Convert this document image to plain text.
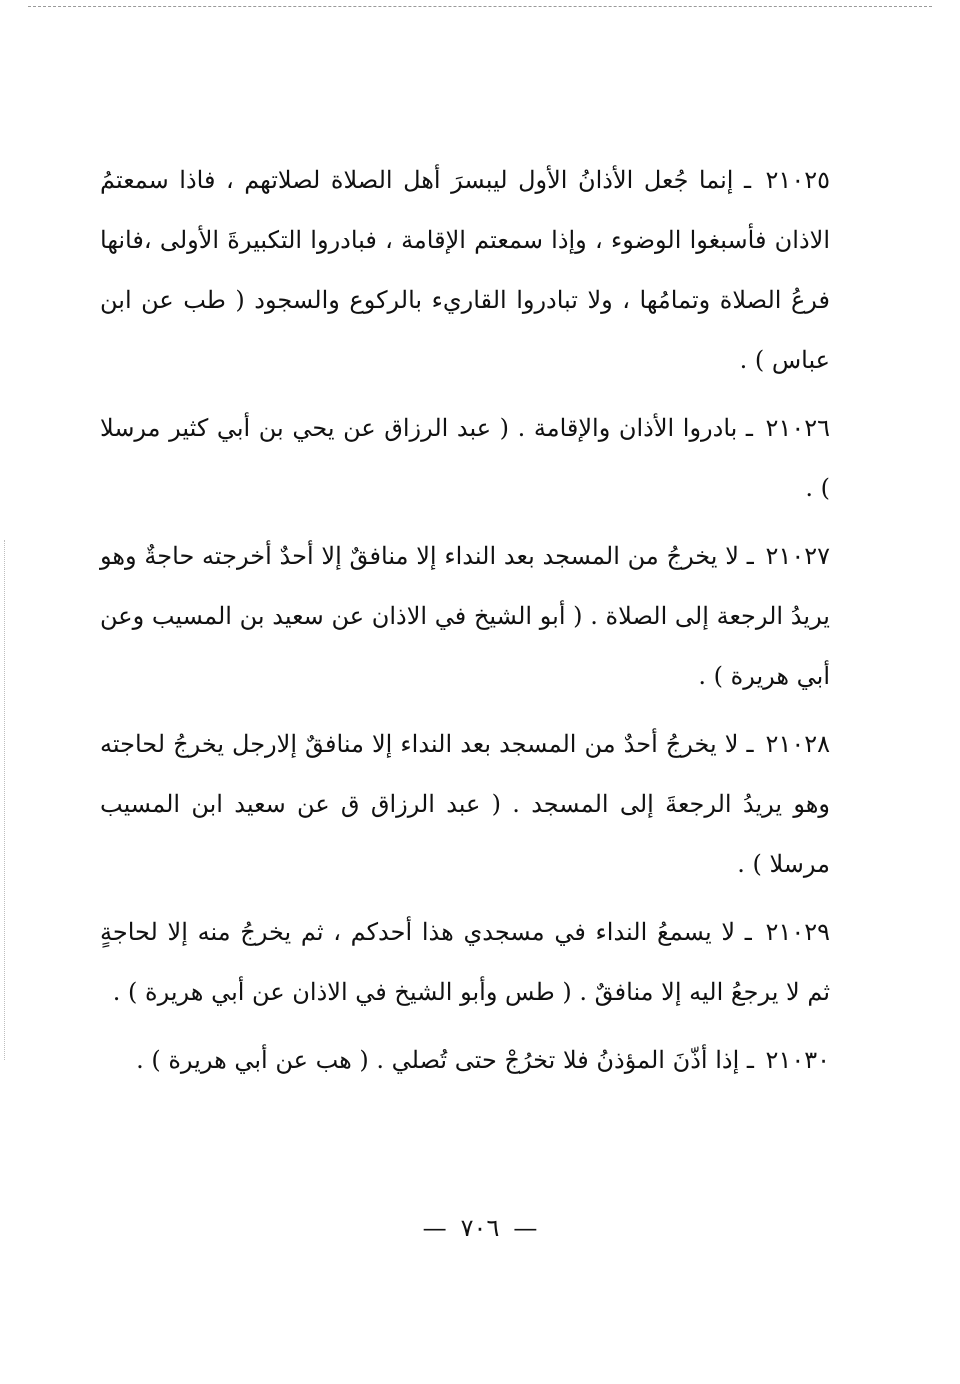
٢١٠٢٥ ـ إنما جُعل الأذانُ الأول ليبسرَ أهل الصلاة لصلاتهم ، فاذا سمعتمُ الاذان فأسبغوا الوضوء ، وإذا سمعتم الإقامة ، فبادروا التكبيرةَ الأولى ،فانها فرعُ الصلاة وتمامُها ، ولا تبادروا القاريء بالركوع والسجود ( طب عن ابن عباس ) .

٢١٠٢٦ ـ بادروا الأذان والإقامة . ( عبد الرزاق عن يحي بن أبي كثير مرسلا ) .

٢١٠٢٧ ـ لا يخرجُ من المسجد بعد النداء إلا منافقٌ إلا أحدٌ أخرجته حاجةٌ وهو يريدُ الرجعة إلى الصلاة . ( أبو الشيخ في الاذان عن سعيد بن المسيب وعن أبي هريرة ) .

٢١٠٢٨ ـ لا يخرجُ أحدٌ من المسجد بعد النداء إلا منافقٌ إلارجل يخرجُ لحاجته وهو يريدُ الرجعةَ إلى المسجد . ( عبد الرزاق ق عن سعيد ابن المسيب مرسلا ) .

٢١٠٢٩ ـ لا يسمعُ النداء في مسجدي هذا أحدكم ، ثم يخرجُ منه إلا لحاجةٍ ثم لا يرجعُ اليه إلا منافقٌ . ( طس وأبو الشيخ في الاذان عن أبي هريرة ) .

٢١٠٣٠ ـ إذا أذّنَ المؤذنُ فلا تخرُجْ حتى تُصلي . ( هب عن أبي هريرة ) .

—٧٠٦—
